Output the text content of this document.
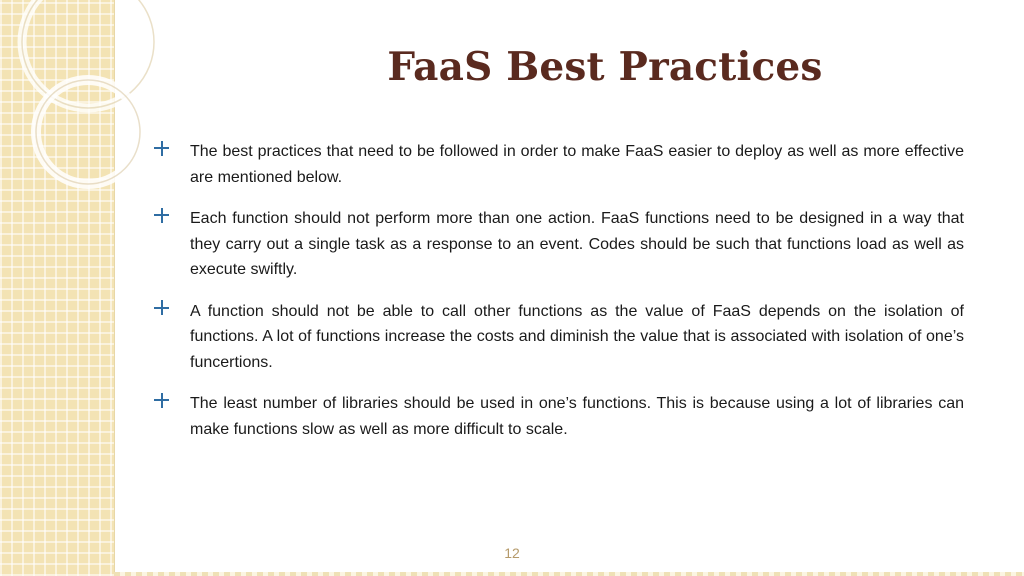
FaaS Best Practices
The best practices that need to be followed in order to make FaaS easier to deploy as well as more effective are mentioned below.
Each function should not perform more than one action. FaaS functions need to be designed in a way that they carry out a single task as a response to an event. Codes should be such that functions load as well as execute swiftly.
A function should not be able to call other functions as the value of FaaS depends on the isolation of functions. A lot of functions increase the costs and diminish the value that is associated with isolation of one’s funcertions.
The least number of libraries should be used in one’s functions. This is because using a lot of libraries can make functions slow as well as more difficult to scale.
12
